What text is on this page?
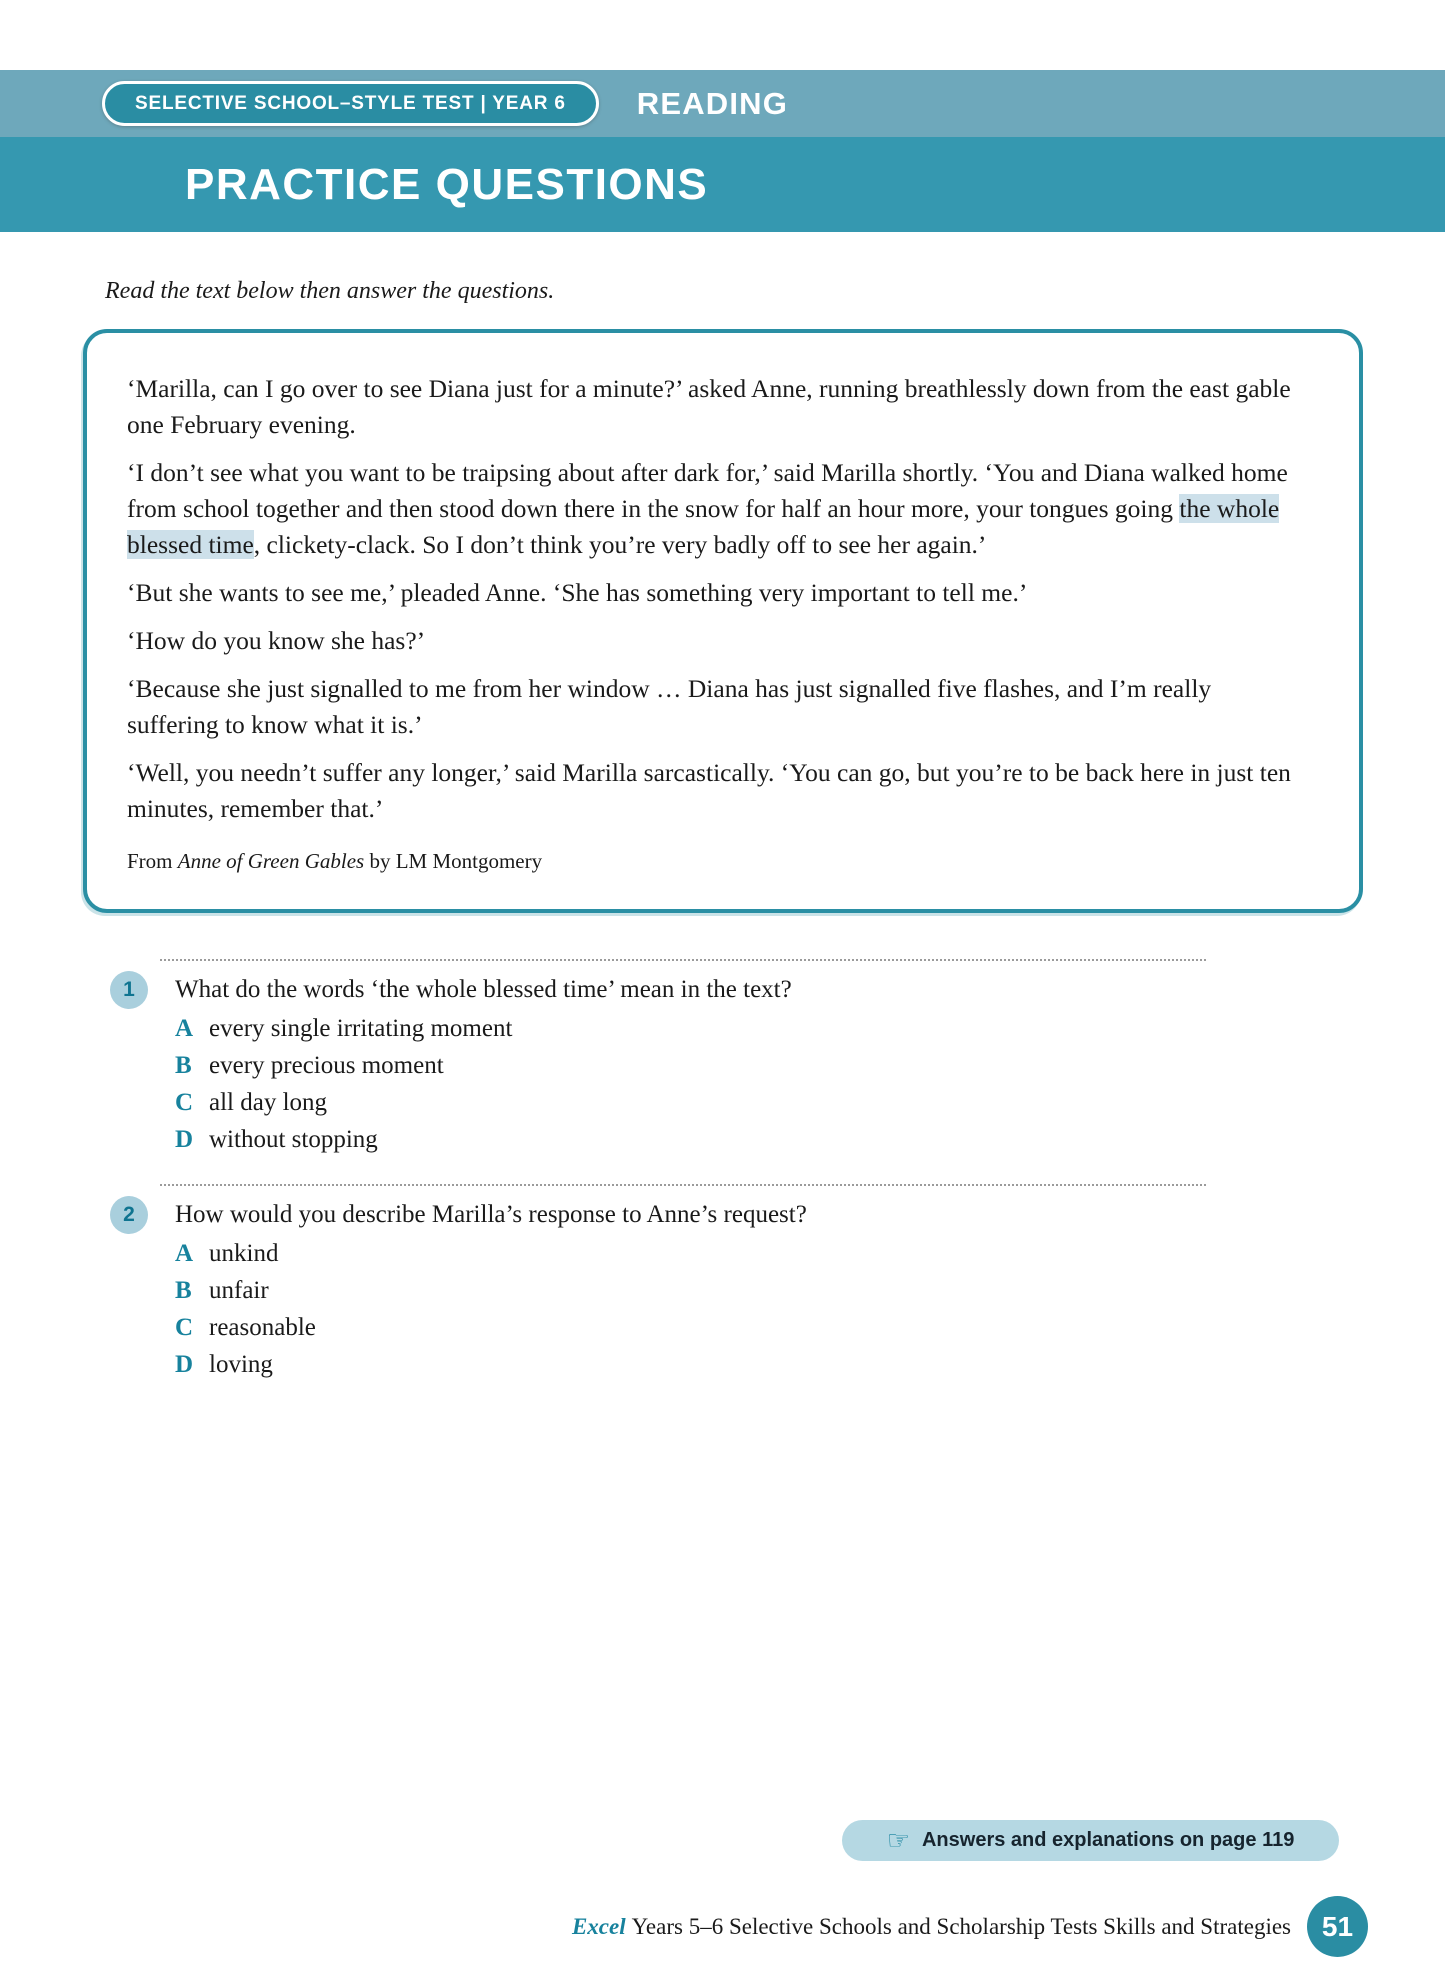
SELECTIVE SCHOOL–STYLE TEST | YEAR 6 READING
PRACTICE QUESTIONS
Read the text below then answer the questions.

‘Marilla, can I go over to see Diana just for a minute?’ asked Anne, running breathlessly down from the east gable one February evening.

‘I don’t see what you want to be traipsing about after dark for,’ said Marilla shortly. ‘You and Diana walked home from school together and then stood down there in the snow for half an hour more, your tongues going the whole blessed time, clickety-clack. So I don’t think you’re very badly off to see her again.’

‘But she wants to see me,’ pleaded Anne. ‘She has something very important to tell me.’

‘How do you know she has?’

‘Because she just signalled to me from her window … Diana has just signalled five flashes, and I’m really suffering to know what it is.’

‘Well, you needn’t suffer any longer,’ said Marilla sarcastically. ‘You can go, but you’re to be back here in just ten minutes, remember that.’

From Anne of Green Gables by LM Montgomery

1 What do the words ‘the whole blessed time’ mean in the text?
A every single irritating moment
B every precious moment
C all day long
D without stopping
2 How would you describe Marilla’s response to Anne’s request?
A unkind
B unfair
C reasonable
D loving
☞ Answers and explanations on page 119
Excel Years 5–6 Selective Schools and Scholarship Tests Skills and Strategies 51
